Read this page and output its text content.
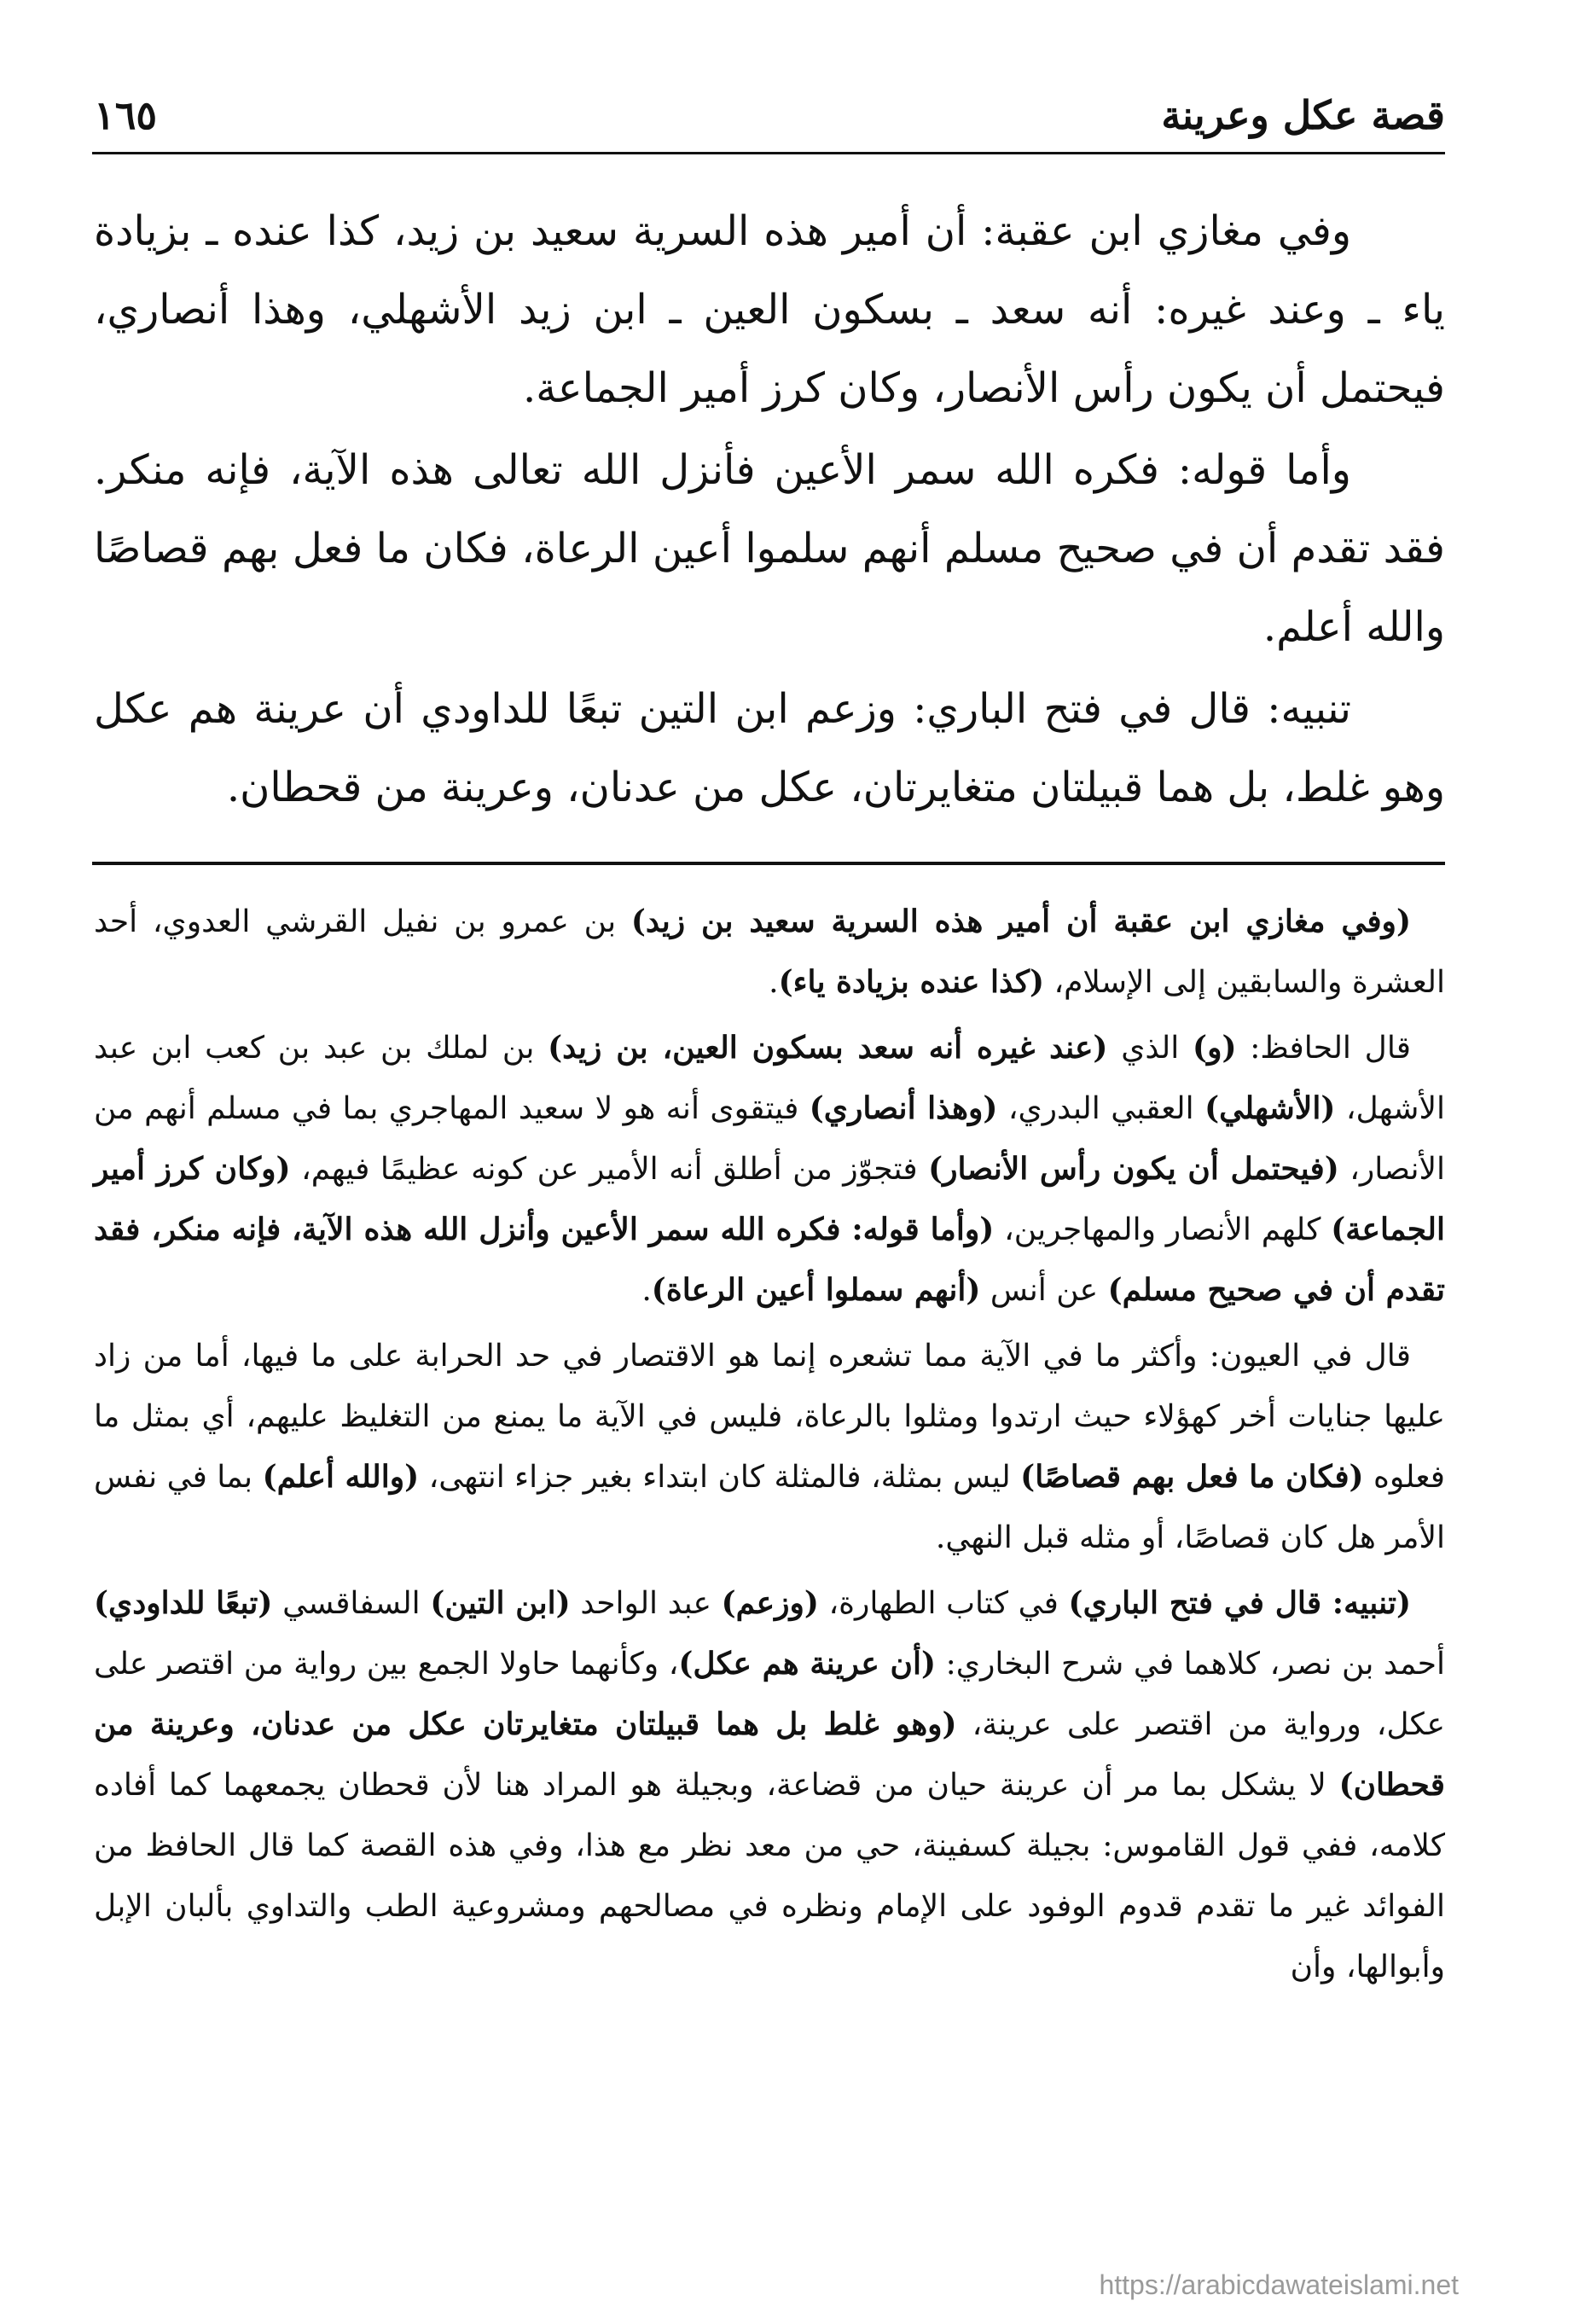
قصة عكل وعرينة
١٦٥

وفي مغازي ابن عقبة: أن أمير هذه السرية سعيد بن زيد، كذا عنده ـ بزيادة ياء ـ وعند غيره: أنه سعد ـ بسكون العين ـ ابن زيد الأشهلي، وهذا أنصاري، فيحتمل أن يكون رأس الأنصار، وكان كرز أمير الجماعة.

وأما قوله: فكره الله سمر الأعين فأنزل الله تعالى هذه الآية، فإنه منكر. فقد تقدم أن في صحيح مسلم أنهم سلموا أعين الرعاة، فكان ما فعل بهم قصاصًا والله أعلم.

تنبيه: قال في فتح الباري: وزعم ابن التين تبعًا للداودي أن عرينة هم عكل وهو غلط، بل هما قبيلتان متغايرتان، عكل من عدنان، وعرينة من قحطان.

(وفي مغازي ابن عقبة أن أمير هذه السرية سعيد بن زيد) بن عمرو بن نفيل القرشي العدوي، أحد العشرة والسابقين إلى الإسلام، (كذا عنده بزيادة ياء).

قال الحافظ: (و) الذي (عند غيره أنه سعد بسكون العين، بن زيد) بن لملك بن عبد بن كعب ابن عبد الأشهل، (الأشهلي) العقبي البدري، (وهذا أنصاري) فيتقوى أنه هو لا سعيد المهاجري بما في مسلم أنهم من الأنصار، (فيحتمل أن يكون رأس الأنصار) فتجوّز من أطلق أنه الأمير عن كونه عظيمًا فيهم، (وكان كرز أمير الجماعة) كلهم الأنصار والمهاجرين، (وأما قوله: فكره الله سمر الأعين وأنزل الله هذه الآية، فإنه منكر، فقد تقدم أن في صحيح مسلم) عن أنس (أنهم سملوا أعين الرعاة).

قال في العيون: وأكثر ما في الآية مما تشعره إنما هو الاقتصار في حد الحرابة على ما فيها، أما من زاد عليها جنايات أخر كهؤلاء حيث ارتدوا ومثلوا بالرعاة، فليس في الآية ما يمنع من التغليظ عليهم، أي بمثل ما فعلوه (فكان ما فعل بهم قصاصًا) ليس بمثلة، فالمثلة كان ابتداء بغير جزاء انتهى، (والله أعلم) بما في نفس الأمر هل كان قصاصًا، أو مثله قبل النهي.

(تنبيه: قال في فتح الباري) في كتاب الطهارة، (وزعم) عبد الواحد (ابن التين) السفاقسي (تبعًا للداودي) أحمد بن نصر، كلاهما في شرح البخاري: (أن عرينة هم عكل)، وكأنهما حاولا الجمع بين رواية من اقتصر على عكل، ورواية من اقتصر على عرينة، (وهو غلط بل هما قبيلتان متغايرتان عكل من عدنان، وعرينة من قحطان) لا يشكل بما مر أن عرينة حيان من قضاعة، وبجيلة هو المراد هنا لأن قحطان يجمعهما كما أفاده كلامه، ففي قول القاموس: بجيلة كسفينة، حي من معد نظر مع هذا، وفي هذه القصة كما قال الحافظ من الفوائد غير ما تقدم قدوم الوفود على الإمام ونظره في مصالحهم ومشروعية الطب والتداوي بألبان الإبل وأبوالها، وأن

https://arabicdawateislami.net
